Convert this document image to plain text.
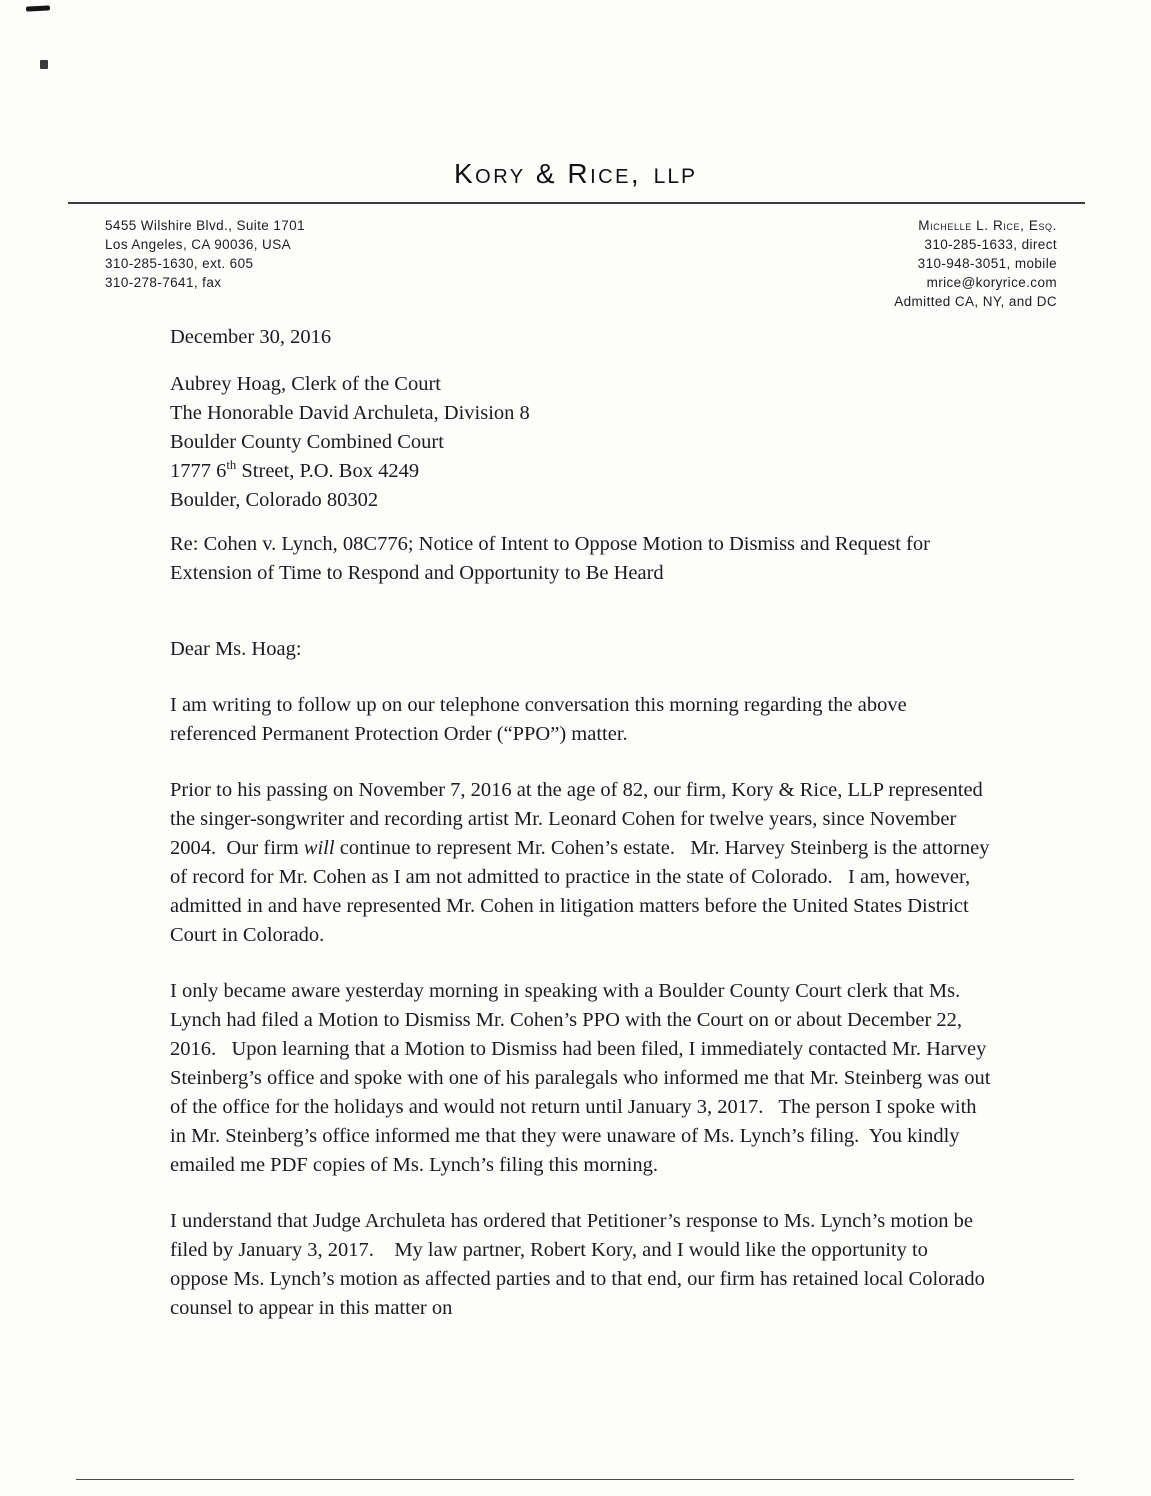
Kory & Rice, LLP
5455 Wilshire Blvd., Suite 1701
Los Angeles, CA 90036, USA
310-285-1630, ext. 605
310-278-7641, fax
Michelle L. Rice, Esq.
310-285-1633, direct
310-948-3051, mobile
mrice@koryrice.com
Admitted CA, NY, and DC

December 30, 2016

Aubrey Hoag, Clerk of the Court
The Honorable David Archuleta, Division 8
Boulder County Combined Court
1777 6th Street, P.O. Box 4249
Boulder, Colorado 80302

Re: Cohen v. Lynch, 08C776; Notice of Intent to Oppose Motion to Dismiss and Request for Extension of Time to Respond and Opportunity to Be Heard

Dear Ms. Hoag:

I am writing to follow up on our telephone conversation this morning regarding the above referenced Permanent Protection Order (“PPO”) matter.

Prior to his passing on November 7, 2016 at the age of 82, our firm, Kory & Rice, LLP represented the singer-songwriter and recording artist Mr. Leonard Cohen for twelve years, since November 2004.  Our firm will continue to represent Mr. Cohen’s estate.   Mr. Harvey Steinberg is the attorney of record for Mr. Cohen as I am not admitted to practice in the state of Colorado.   I am, however, admitted in and have represented Mr. Cohen in litigation matters before the United States District Court in Colorado.

I only became aware yesterday morning in speaking with a Boulder County Court clerk that Ms. Lynch had filed a Motion to Dismiss Mr. Cohen’s PPO with the Court on or about December 22, 2016.   Upon learning that a Motion to Dismiss had been filed, I immediately contacted Mr. Harvey Steinberg’s office and spoke with one of his paralegals who informed me that Mr. Steinberg was out of the office for the holidays and would not return until January 3, 2017.   The person I spoke with in Mr. Steinberg’s office informed me that they were unaware of Ms. Lynch’s filing.  You kindly emailed me PDF copies of Ms. Lynch’s filing this morning.

I understand that Judge Archuleta has ordered that Petitioner’s response to Ms. Lynch’s motion be filed by January 3, 2017.    My law partner, Robert Kory, and I would like the opportunity to oppose Ms. Lynch’s motion as affected parties and to that end, our firm has retained local Colorado counsel to appear in this matter on
